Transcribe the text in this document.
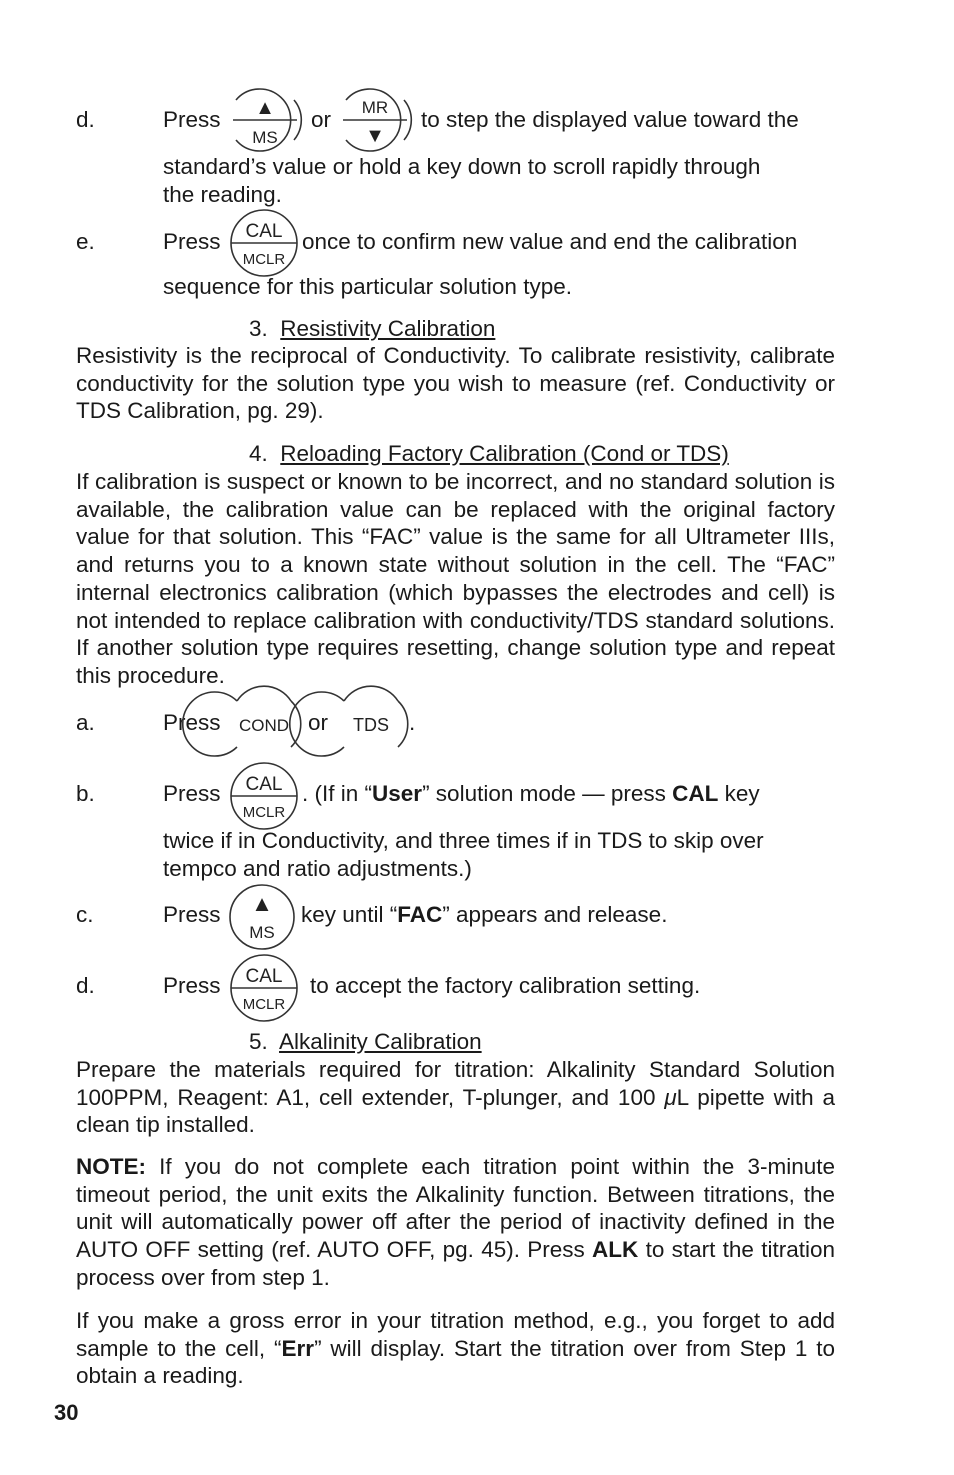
d.	Press ▲
MS
or MR
▼
to step the displayed value toward the
standard’s value or hold a key down to scroll rapidly through
the reading.
e.	Press CAL
MCLR
once to confirm new value and end the calibration
sequence for this particular solution type.
3. Resistivity Calibration

Resistivity is the reciprocal of Conductivity. To calibrate resistivity, calibrate conductivity for the solution type you wish to measure (ref. Conductivity or TDS Calibration, pg. 29).

4. Reloading Factory Calibration (Cond or TDS)

If calibration is suspect or known to be incorrect, and no standard solution is available, the calibration value can be replaced with the original factory value for that solution. This “FAC” value is the same for all Ultrameter IIIs, and returns you to a known state without solution in the cell. The “FAC” internal electronics calibration (which bypasses the electrodes and cell) is not intended to replace calibration with conductivity/TDS standard solutions. If another solution type requires resetting, change solution type and repeat this procedure.

a.	Press COND or TDS .
b.	Press CAL
MCLR
. (If in “User” solution mode — press CAL key
twice if in Conductivity, and three times if in TDS to skip over
tempco and ratio adjustments.)
c.	Press ▲
MS
key until “FAC” appears and release.
d.	Press CAL
MCLR
to accept the factory calibration setting.
5. Alkalinity Calibration

Prepare the materials required for titration: Alkalinity Standard Solution 100PPM, Reagent: A1, cell extender, T-plunger, and 100 μL pipette with a clean tip installed.

NOTE: If you do not complete each titration point within the 3-minute timeout period, the unit exits the Alkalinity function. Between titrations, the unit will automatically power off after the period of inactivity defined in the AUTO OFF setting (ref. AUTO OFF, pg. 45). Press ALK to start the titration process over from step 1.

If you make a gross error in your titration method, e.g., you forget to add sample to the cell, “Err” will display. Start the titration over from Step 1 to obtain a reading.

30
